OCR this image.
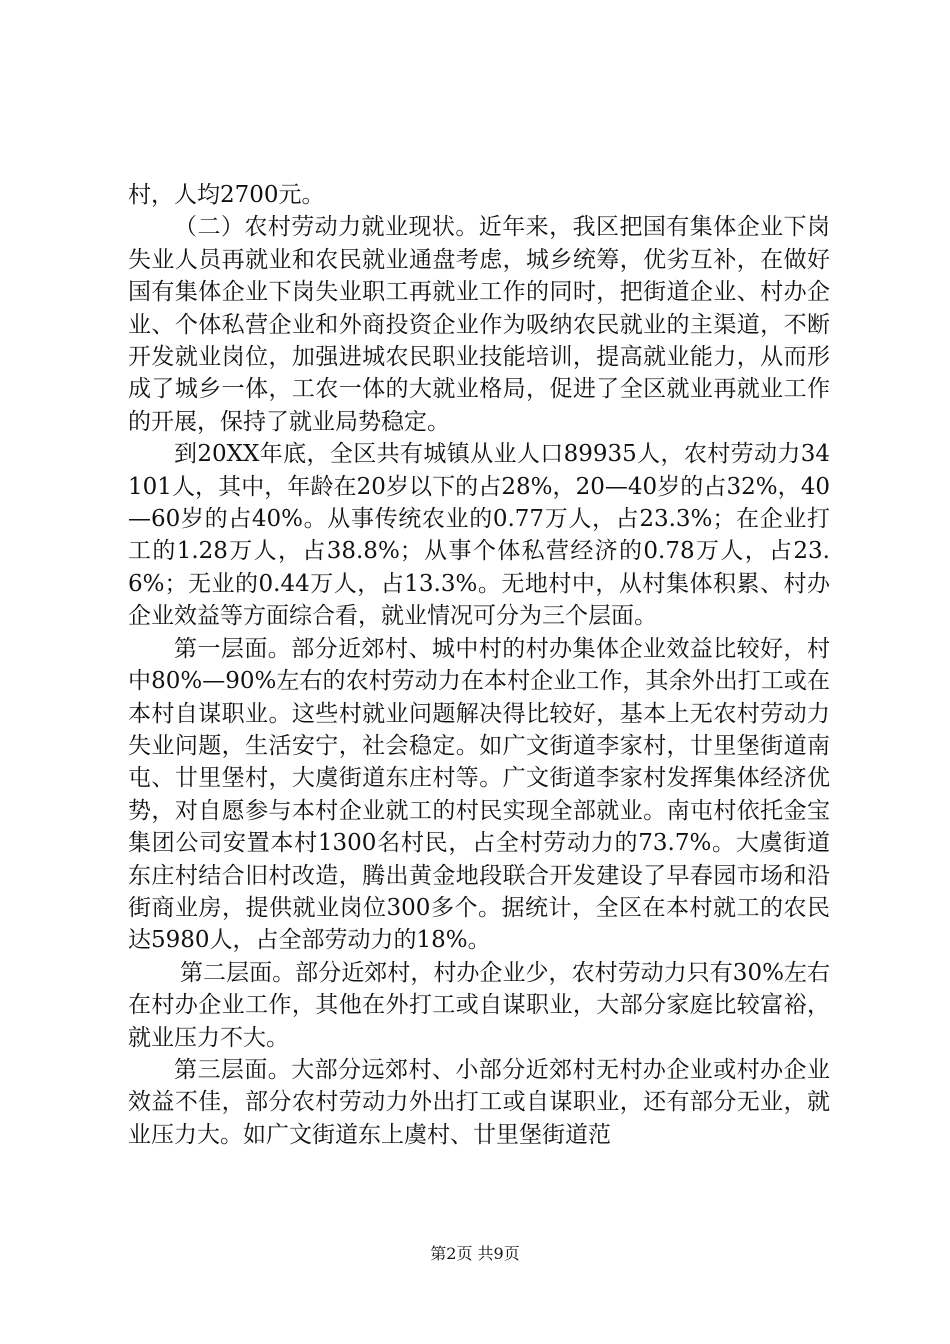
村，人均2700元。

（二）农村劳动力就业现状。近年来，我区把国有集体企业下岗失业人员再就业和农民就业通盘考虑，城乡统筹，优劣互补，在做好国有集体企业下岗失业职工再就业工作的同时，把街道企业、村办企业、个体私营企业和外商投资企业作为吸纳农民就业的主渠道，不断开发就业岗位，加强进城农民职业技能培训，提高就业能力，从而形成了城乡一体，工农一体的大就业格局，促进了全区就业再就业工作的开展，保持了就业局势稳定。

到20XX年底，全区共有城镇从业人口89935人，农村劳动力34101人，其中，年龄在20岁以下的占28%，20—40岁的占32%，40—60岁的占40%。从事传统农业的0.77万人，占23.3%；在企业打工的1.28万人，占38.8%；从事个体私营经济的0.78万人，占23.6%；无业的0.44万人，占13.3%。无地村中，从村集体积累、村办企业效益等方面综合看，就业情况可分为三个层面。

第一层面。部分近郊村、城中村的村办集体企业效益比较好，村中80%—90%左右的农村劳动力在本村企业工作，其余外出打工或在本村自谋职业。这些村就业问题解决得比较好，基本上无农村劳动力失业问题，生活安宁，社会稳定。如广文街道李家村，廿里堡街道南屯、廿里堡村，大虞街道东庄村等。广文街道李家村发挥集体经济优势，对自愿参与本村企业就工的村民实现全部就业。南屯村依托金宝集团公司安置本村1300名村民，占全村劳动力的73.7%。大虞街道东庄村结合旧村改造，腾出黄金地段联合开发建设了早春园市场和沿街商业房，提供就业岗位300多个。据统计，全区在本村就工的农民达5980人，占全部劳动力的18%。

第二层面。部分近郊村，村办企业少，农村劳动力只有30%左右在村办企业工作，其他在外打工或自谋职业，大部分家庭比较富裕，就业压力不大。

第三层面。大部分远郊村、小部分近郊村无村办企业或村办企业效益不佳，部分农村劳动力外出打工或自谋职业，还有部分无业，就业压力大。如广文街道东上虞村、廿里堡街道范

第2页 共9页
